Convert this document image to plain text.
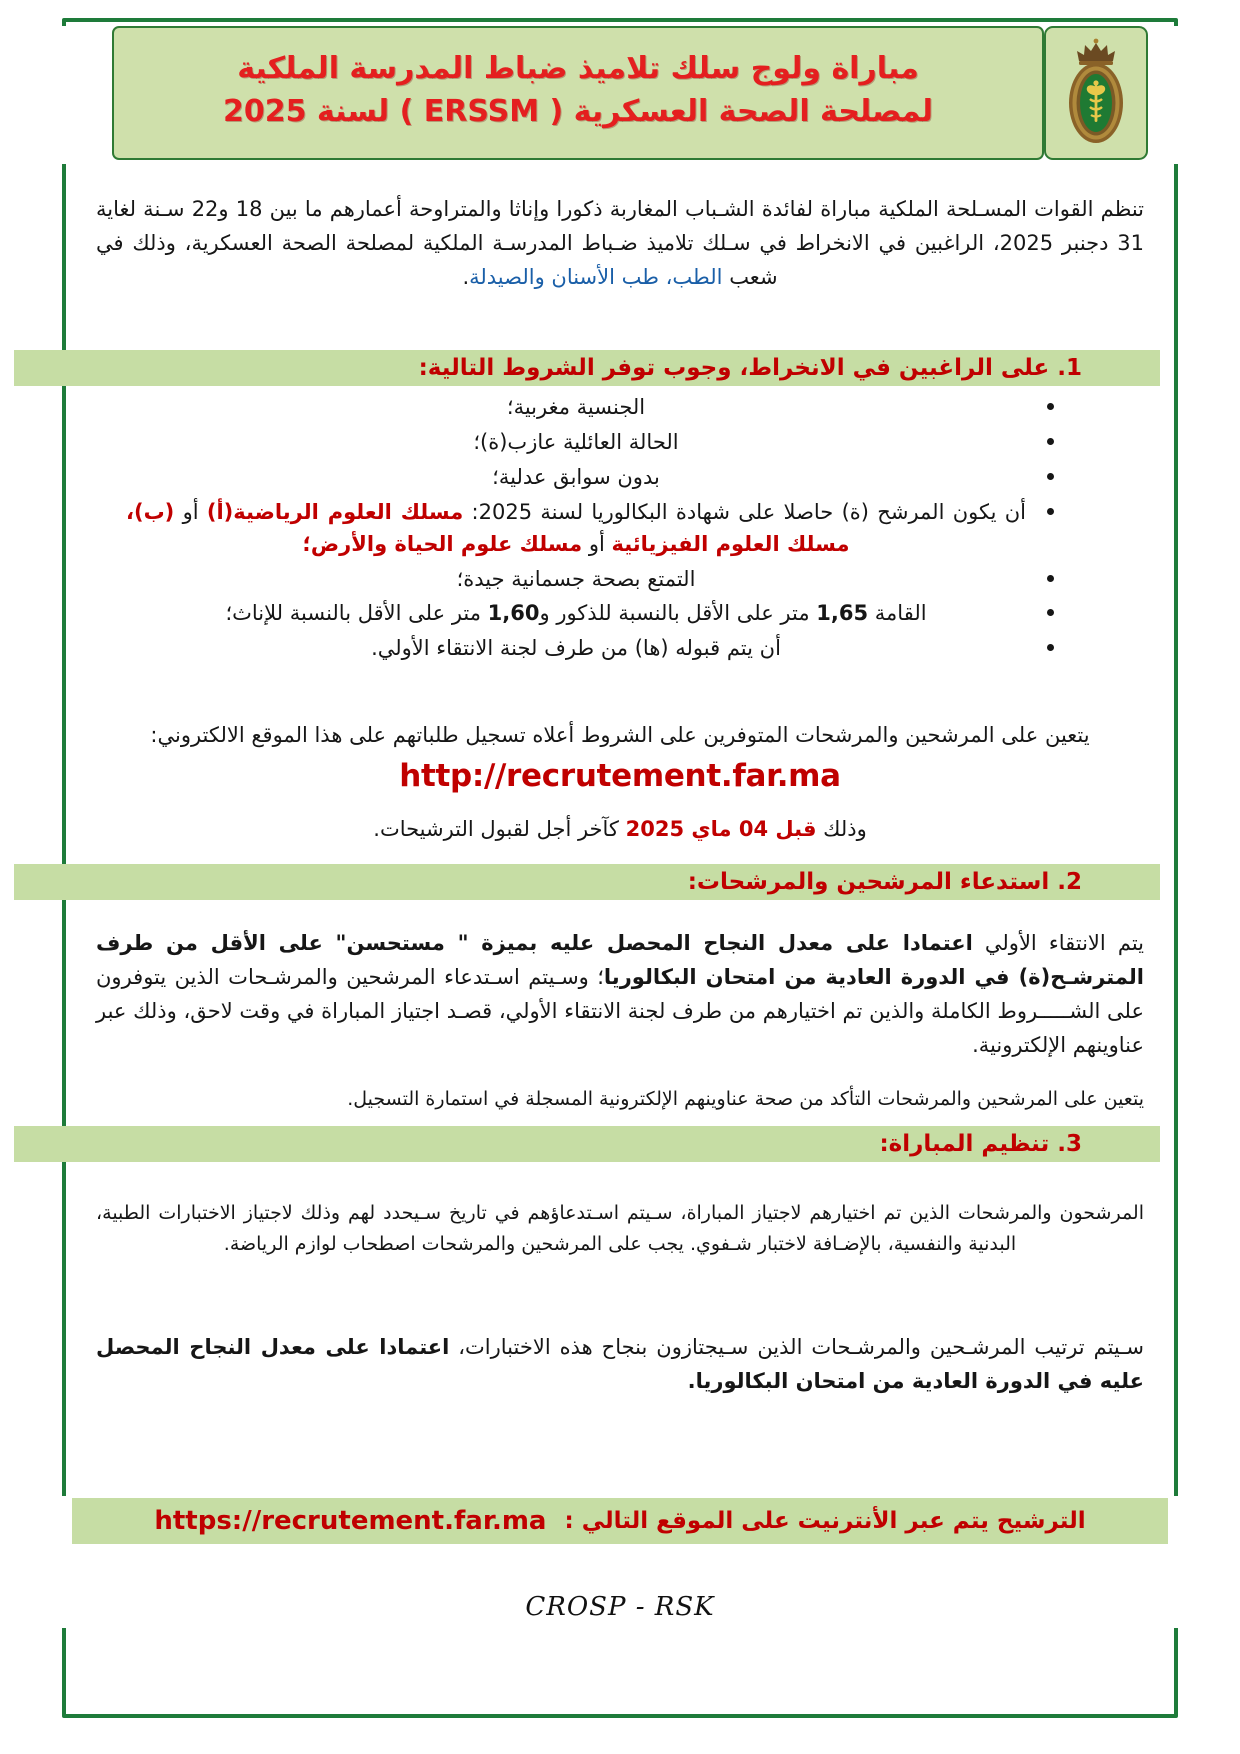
مباراة ولوج سلك تلاميذ ضباط المدرسة الملكية
لمصلحة الصحة العسكرية ( ERSSM ) لسنة 2025
تنظم القوات المسـلحة الملكية مباراة لفائدة الشـباب المغاربة ذكورا وإناثا والمتراوحة أعمارهم ما بين 18 و22 سـنة لغاية 31 دجنبر 2025، الراغبين في الانخراط في سـلك تلاميذ ضـباط المدرسـة الملكية لمصلحة الصحة العسكرية، وذلك في شعب الطب، طب الأسنان والصيدلة.
1. على الراغبين في الانخراط، وجوب توفر الشروط التالية:
الجنسية مغربية؛
الحالة العائلية عازب(ة)؛
بدون سوابق عدلية؛
أن يكون المرشح (ة) حاصلا على شهادة البكالوريا لسنة 2025: مسلك العلوم الرياضية(أ) أو (ب)، مسلك العلوم الفيزيائية أو مسلك علوم الحياة والأرض؛
التمتع بصحة جسمانية جيدة؛
القامة 1,65 متر على الأقل بالنسبة للذكور و1,60 متر على الأقل بالنسبة للإناث؛
أن يتم قبوله (ها) من طرف لجنة الانتقاء الأولي.
يتعين على المرشحين والمرشحات المتوفرين على الشروط أعلاه تسجيل طلباتهم على هذا الموقع الالكتروني:
http://recrutement.far.ma
وذلك قبل 04 ماي 2025 كآخر أجل لقبول الترشيحات.
2. استدعاء المرشحين والمرشحات:
يتم الانتقاء الأولي اعتمادا على معدل النجاح المحصل عليه بميزة " مستحسن" على الأقل من طرف المترشـح(ة) في الدورة العادية من امتحان البكالوريا؛ وسـيتم اسـتدعاء المرشحين والمرشـحات الذين يتوفرون على الشـــــروط الكاملة والذين تم اختيارهم من طرف لجنة الانتقاء الأولي، قصـد اجتياز المباراة في وقت لاحق، وذلك عبر عناوينهم الإلكترونية.
يتعين على المرشحين والمرشحات التأكد من صحة عناوينهم الإلكترونية المسجلة في استمارة التسجيل.
3. تنظيم المباراة:
المرشحون والمرشحات الذين تم اختيارهم لاجتياز المباراة، سـيتم اسـتدعاؤهم في تاريخ سـيحدد لهم وذلك لاجتياز الاختبارات الطبية، البدنية والنفسية، بالإضـافة لاختبار شـفوي. يجب على المرشحين والمرشحات اصطحاب لوازم الرياضة.
سـيتم ترتيب المرشـحين والمرشـحات الذين سـيجتازون بنجاح هذه الاختبارات، اعتمادا على معدل النجاح المحصل عليه في الدورة العادية من امتحان البكالوريا.
الترشيح يتم عبر الأنترنيت على الموقع التالي :
https://recrutement.far.ma
CROSP - RSK
